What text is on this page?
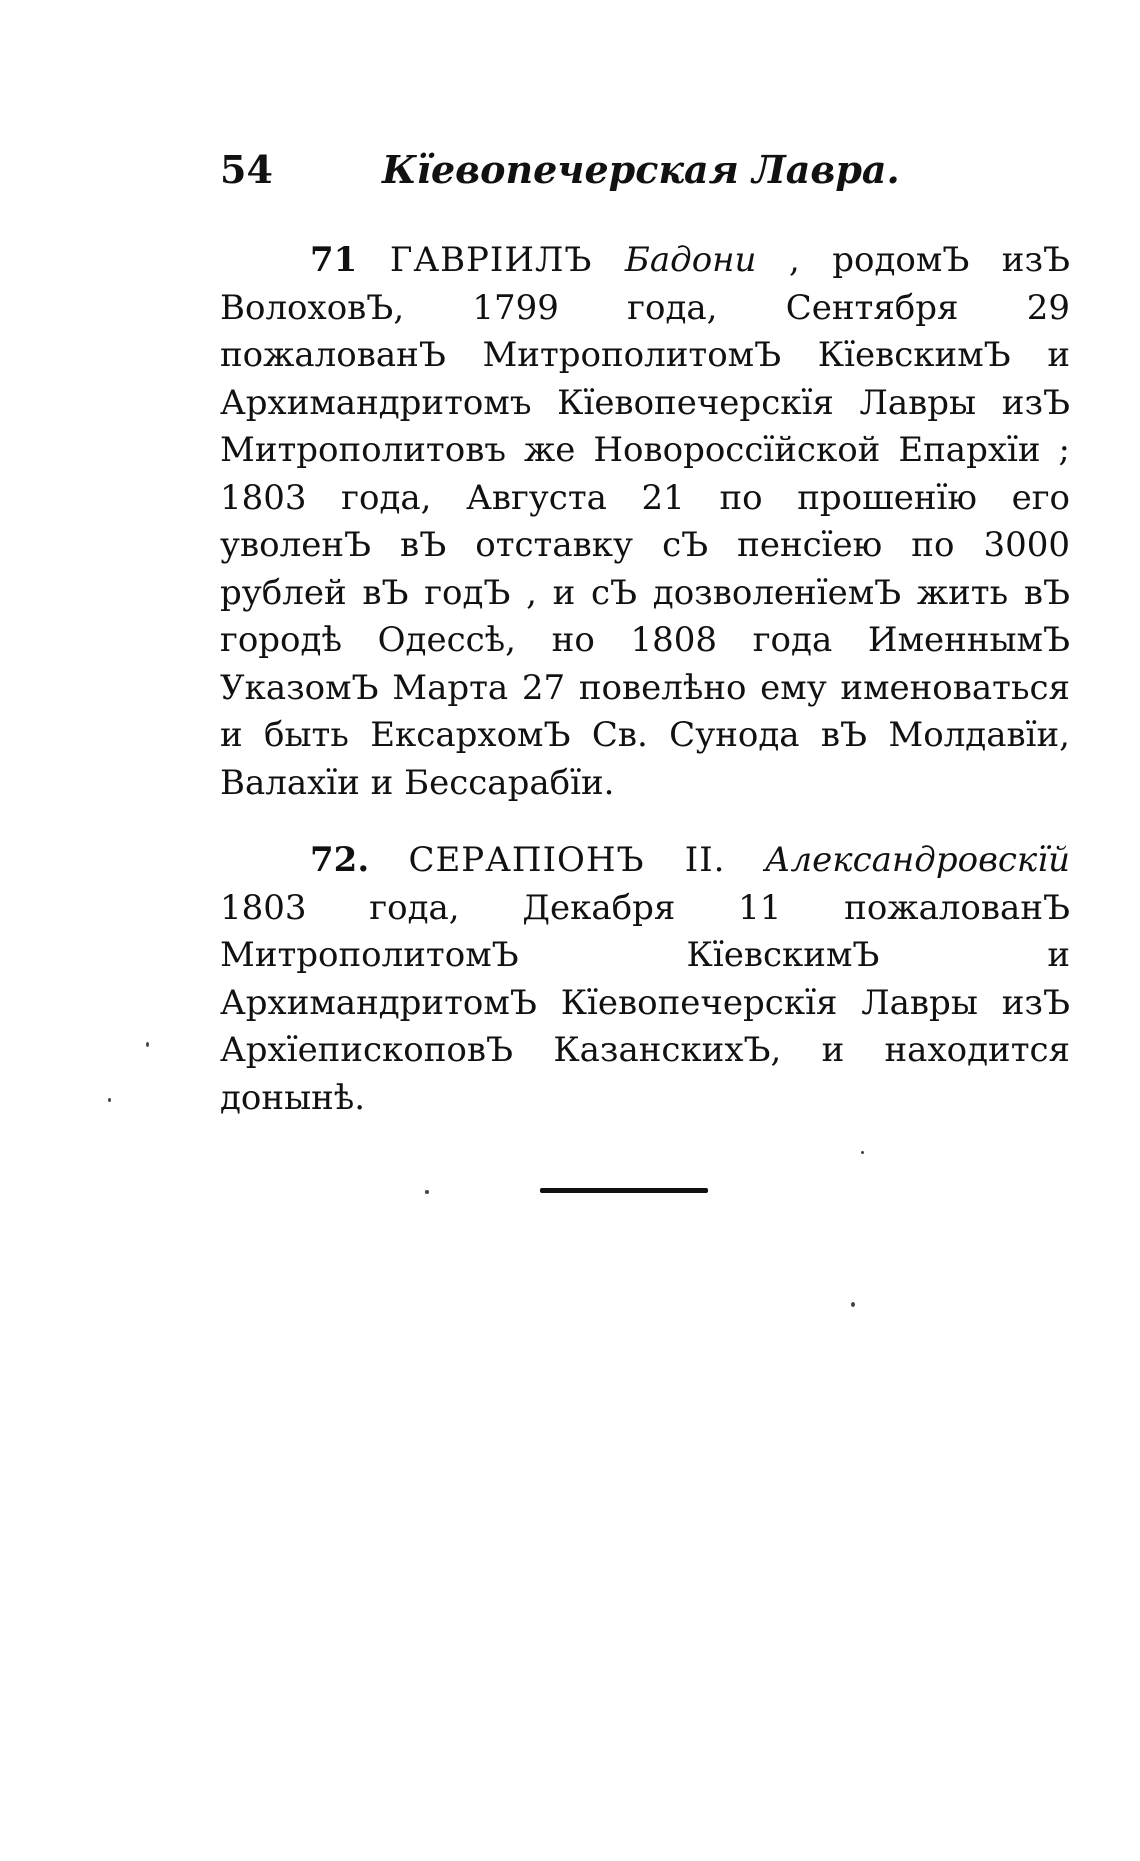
54	Кїевопечерская Лавра.

71 ГАВРІИЛЪ Бадони , родомЪ изЪ ВолоховЪ, 1799 года, Сентября 29 пожалованЪ МитрополитомЪ КїевскимЪ и Архимандритомъ Кїевопечерскїя Лавры изЪ Митрополитовъ же Новороссїйской Епархїи ; 1803 года, Августа 21 по прошенїю его уволенЪ вЪ отставку сЪ пенсїею по 3000 рублей вЪ годЪ , и сЪ дозволенїемЪ жить вЪ городѣ Одессѣ, но 1808 года ИменнымЪ УказомЪ Марта 27 повелѣно ему именоваться и быть ЕксархомЪ Св. Сунода вЪ Молдавїи, Валахїи и Бессарабїи.

72. СЕРАПІОНЪ II. Александровскїй 1803 года, Декабря 11 пожалованЪ МитрополитомЪ КїевскимЪ и АрхимандритомЪ Кїевопечерскїя Лавры изЪ АрхїепископовЪ КазанскихЪ, и находится донынѣ.
